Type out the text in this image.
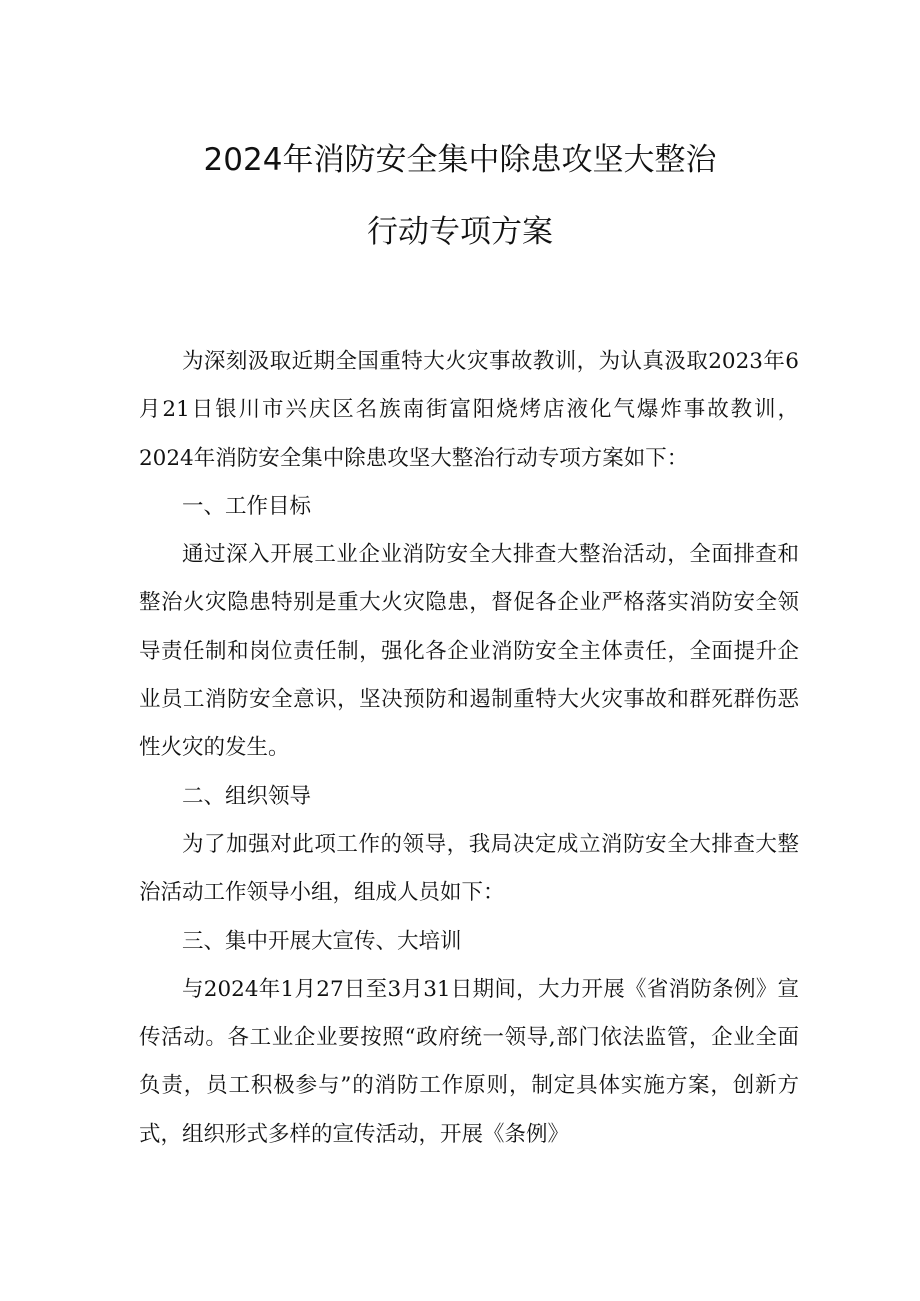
2024年消防安全集中除患攻坚大整治
行动专项方案

为深刻汲取近期全国重特大火灾事故教训，为认真汲取2023年6月21日银川市兴庆区名族南街富阳烧烤店液化气爆炸事故教训，2024年消防安全集中除患攻坚大整治行动专项方案如下：

一、工作目标

通过深入开展工业企业消防安全大排查大整治活动，全面排查和整治火灾隐患特别是重大火灾隐患，督促各企业严格落实消防安全领导责任制和岗位责任制，强化各企业消防安全主体责任，全面提升企业员工消防安全意识，坚决预防和遏制重特大火灾事故和群死群伤恶性火灾的发生。

二、组织领导

为了加强对此项工作的领导，我局决定成立消防安全大排查大整治活动工作领导小组，组成人员如下：

三、集中开展大宣传、大培训

与2024年1月27日至3月31日期间，大力开展《省消防条例》宣传活动。各工业企业要按照“政府统一领导,部门依法监管，企业全面负责，员工积极参与”的消防工作原则，制定具体实施方案，创新方式，组织形式多样的宣传活动，开展《条例》
